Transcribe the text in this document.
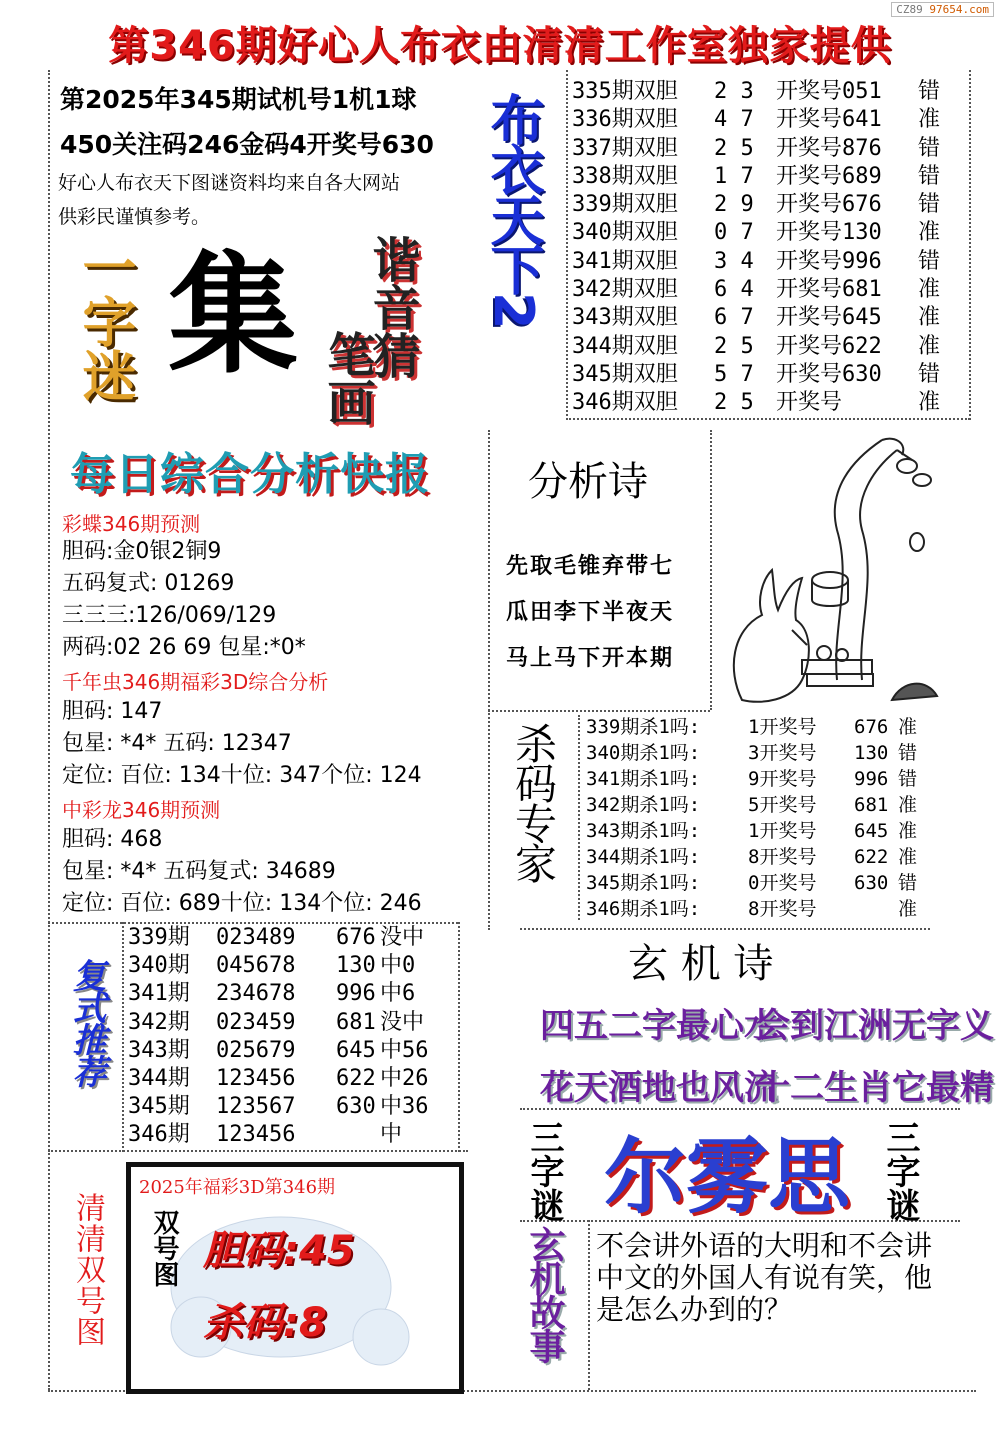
CZ89 97654.com
第346期好心人布衣由清清工作室独家提供
第2025年345期试机号1机1球
450关注码246金码4开奖号630
好心人布衣天下图谜资料均来自各大网站
供彩民谨慎参考。	布衣天下2
一字迷 集 谐音猜
笔画
335期双胆 2 3 开奖号051 错
336期双胆 4 7 开奖号641 准
337期双胆 2 5 开奖号876 错
338期双胆 1 7 开奖号689 错
339期双胆 2 9 开奖号676 错
340期双胆 0 7 开奖号130 准
341期双胆 3 4 开奖号996 错
342期双胆 6 4 开奖号681 准
343期双胆 6 7 开奖号645 准
344期双胆 2 5 开奖号622 准
345期双胆 5 7 开奖号630 错
346期双胆 2 5 开奖号	准
每日综合分析快报
彩蝶346期预测
胆码:金0银2铜9
五码复式: 01269
三三三:126/069/129
两码:02 26 69 包星:*0*
千年虫346期福彩3D综合分析
胆码: 147
包星: *4* 五码: 12347
定位: 百位: 134十位: 347个位: 124
中彩龙346期预测
胆码: 468
包星: *4* 五码复式: 34689
定位: 百位: 689十位: 134个位: 246
分析诗
先取毛锥弃带七
瓜田李下半夜天
马上马下开本期
杀码专家 339期杀1吗:	1开奖号 676 准
340期杀1吗:	3开奖号 130 错
341期杀1吗:	9开奖号 996 错
342期杀1吗:	5开奖号 681 准
343期杀1吗:	1开奖号 645 准
344期杀1吗:	8开奖号 622 准
345期杀1吗:	0开奖号 630 错
346期杀1吗:	8开奖号	准
复式推荐
339期 023489 676 没中
340期 045678 130 中0
341期 234678 996 中6
342期 023459 681 没中
343期 025679 645 中56
344期 123456 622 中26
345期 123567 630 中36
346期 123456	中
玄 机 诗
四五二字最心水
会到江洲无字义
花天酒地也风流
十二生肖它最精
三字谜 尔雾思 三字谜
玄机故事 不会讲外语的大明和不会讲中文的外国人有说有笑，他是怎么办到的？
清清双号图
2025年福彩3D第346期
双号图 胆码:45
杀码:8
